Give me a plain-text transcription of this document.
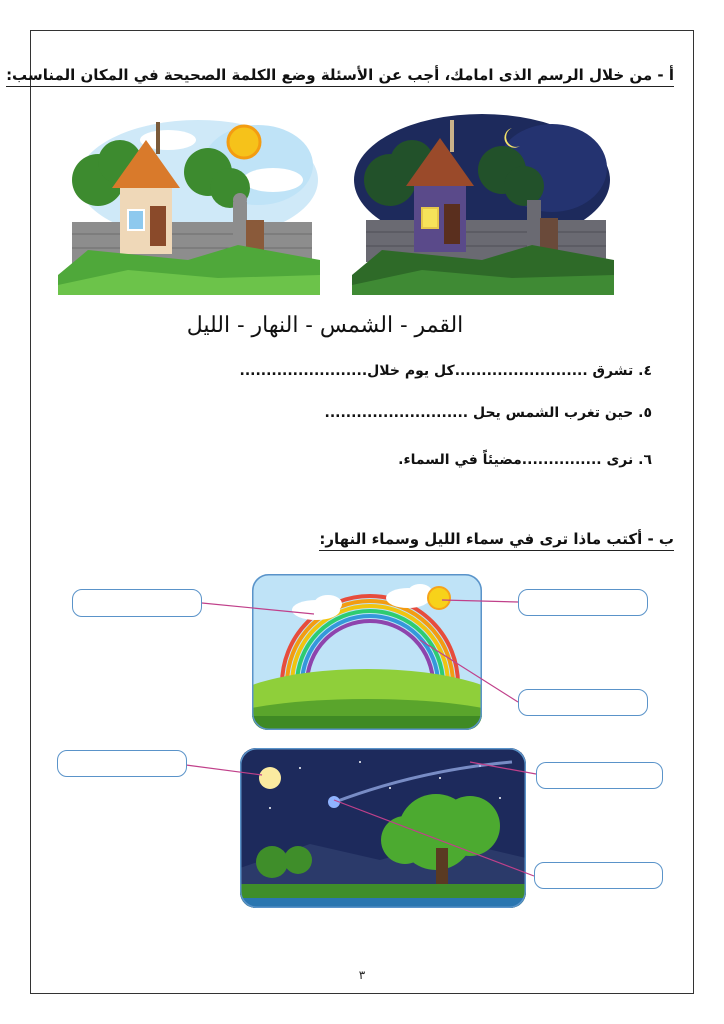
أ - من خلال الرسم الذى امامك، أجب عن الأسئلة وضع الكلمة الصحيحة في المكان المناسب:
القمر - الشمس - النهار - الليل
٤. تشرق .........................كل يوم خلال........................
٥. حين تغرب الشمس يحل ...........................
٦. نرى ...............مضيئاً في السماء.
ب - أكتب ماذا ترى في سماء الليل وسماء النهار:
٣
